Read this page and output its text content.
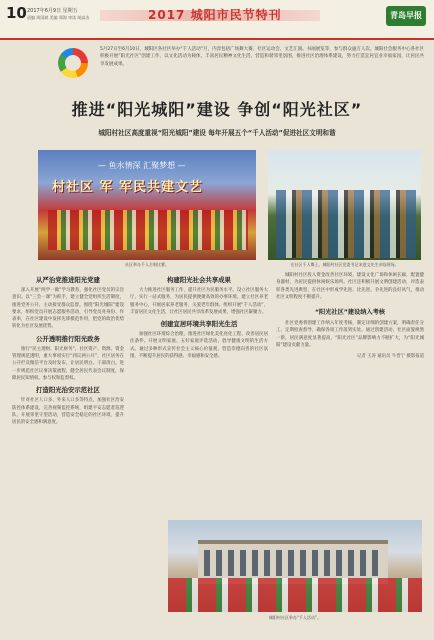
10 2017年6月9日 星期五
责编 周国斌 美编 郑海 审读 胡高洁	2017 城阳市民节特刊	青岛早报
5月27日至6月10日，城阳区各社区举办“千人活动”月，内容包括广场舞大赛、社区运动会、文艺汇演、书画展览等，参与群众逾万人次。城阳社会服务中心各社区积极开展“阳光社区”创建工作，以文化活动为载体，丰富居民精神文化生活，营造和谐邻里氛围，推进社区治理体系建设，努力打造宜居宜业幸福家园，让居民共享发展成果。
推进“阳光城阳”建设 争创“阳光社区”
城阳村社区高度重视“阳光城阳”建设 每年开展五个“千人活动”促进社区文明和谐
— 鱼水情深 汇聚梦想 —
村社区 军 军民共建文艺
社区举办千人合唱比赛。	在社区千人舞上，城阳村社区党委书记宋进文先生亲临现场。
从严治党推进阳光党建

深入开展“两学一做”学习教育，强化社区党员的宗旨意识。以“三会一课”为抓手，建立健全党组织生活制度，推进党务公开，主动接受群众监督。围绕“阳光城阳”建设要求，组织党员开展志愿服务活动，引导党员亮身份、作表率，在社区建设中发挥先锋模范作用，把党的政治优势转化为社区发展优势。

公开透明推行阳光政务

推行“民主理财、阳光财务”，社区资产、资源、资金管理规范透明，重大事项实行“四议两公开”，社区居务在公开栏及微信平台及时发布，让居民明白、干部清白。进一步规范社区议事决策流程，健全居民代表会议制度，保障居民知情权、参与权和监督权。

打造阳光治安示范社区

针对社区人口多、外来人口多等特点，加强社区治安防控体系建设，完善视频监控系统，组建平安志愿者巡逻队，开展邻里守望活动，营造安全稳定的社区环境，提升居民的安全感和满意度。

构建阳光社会共享成果

大力推进社区服务工作，提升社区为民服务水平。设立社区服务大厅，实行一站式服务，为居民提供便捷高效的办事环境。建立社区养老服务中心，开展居家养老服务，关爱老年群体。组织开展“千人活动”，丰富居民文化生活，让社区居民共享改革发展成果，增强社区凝聚力。

创建宜居环境共享阳光生活

加强社区环境综合治理，推进社区绿化美化亮化工程，改善居民居住条件。开展文明家庭、五好家庭评选活动，倡导健康文明的生活方式。通过多种形式宣传社会主义核心价值观，营造崇德向善的社区氛围，不断提升居民的获得感、幸福感和安全感。

城阳村社区投入资金改善社区环境，建设文化广场和休闲长廊，配置健身器材，为居民提供休闲娱乐场所。社区还积极开展文明创建活动，评选表彰各类先进典型，在社区中形成学先进、比先进、争先进的良好风气，推动社区文明程度不断提升。

“阳光社区”建设纳入考核

社区党委将创建工作纳入年度考核，制定详细的创建方案，明确责任分工，定期检查督导，确保各项工作落到实处。通过创建活动，社区面貌焕然一新，居民满意度显著提高，“阳光社区”品牌影响力不断扩大，为“阳光城阳”建设贡献力量。

记者 王涛 通讯员 牛晋宁 摄影报道
城阳村社区举办“千人活动”。
